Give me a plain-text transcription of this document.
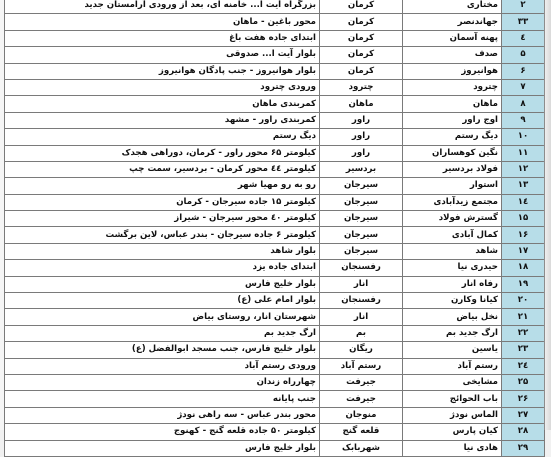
۲	مختاری	کرمان	بزرگراه آیت ا... خامنه ای، بعد از ورودی آرامستان جدید
۳۳	جهاندنصر	کرمان	محور باغین - ماهان
٤	پهنه آسمان	کرمان	ابتدای جاده هفت باغ
۵	صدف	کرمان	بلوار آیت ا... صدوقی
۶	هوانیروز	کرمان	بلوار هوانیروز - جنب پادگان هوانیروز
۷	چترود	چترود	ورودی چترود
۸	ماهان	ماهان	کمربندی ماهان
۹	اوج راور	راور	کمربندی راور - مشهد
۱۰	دیگ رستم	راور	دیگ رستم
۱۱	نگین کوهساران	راور	کیلومتر ۶۵ محور راور - کرمان، دوراهی هجدک
۱۲	فولاد بردسیر	بردسیر	کیلومتر ٤٤ محور کرمان - بردسیر، سمت چپ
۱۳	استوار	سیرجان	رو به رو مهیا شهر
۱٤	مجتمع زیدآبادی	سیرجان	کیلومتر ۱۵ جاده سیرجان - کرمان
۱۵	گسترش فولاد	سیرجان	کیلومتر ٤۰ محور سیرجان - شیراز
۱۶	کمال آبادی	سیرجان	کیلومتر ۶ جاده سیرجان - بندر عباس، لاین برگشت
۱۷	شاهد	سیرجان	بلوار شاهد
۱۸	حیدری نیا	رفسنجان	ابتدای جاده یزد
۱۹	رفاه انار	انار	بلوار خلیج فارس
۲۰	کیانا وکارن	رفسنجان	بلوار امام علی (ع)
۲۱	نخل بیاض	انار	شهرستان انار، روستای بیاض
۲۲	ارگ جدید بم	بم	ارگ جدید بم
۲۳	یاسین	ریگان	بلوار خلیج فارس، جنب مسجد ابوالفضل (ع)
۲٤	رستم آباد	رستم آباد	ورودی رستم آباد
۲۵	مشایخی	جیرفت	چهارراه زندان
۲۶	باب الحوائج	جیرفت	جنب پایانه
۲۷	الماس نودژ	منوجان	محور بندر عباس - سه راهی نودژ
۲۸	کیان پارس	قلعه گنج	کیلومتر ۵۰ جاده قلعه گنج - کهنوج
۲۹	هادی نیا	شهربابک	بلوار خلیج فارس
